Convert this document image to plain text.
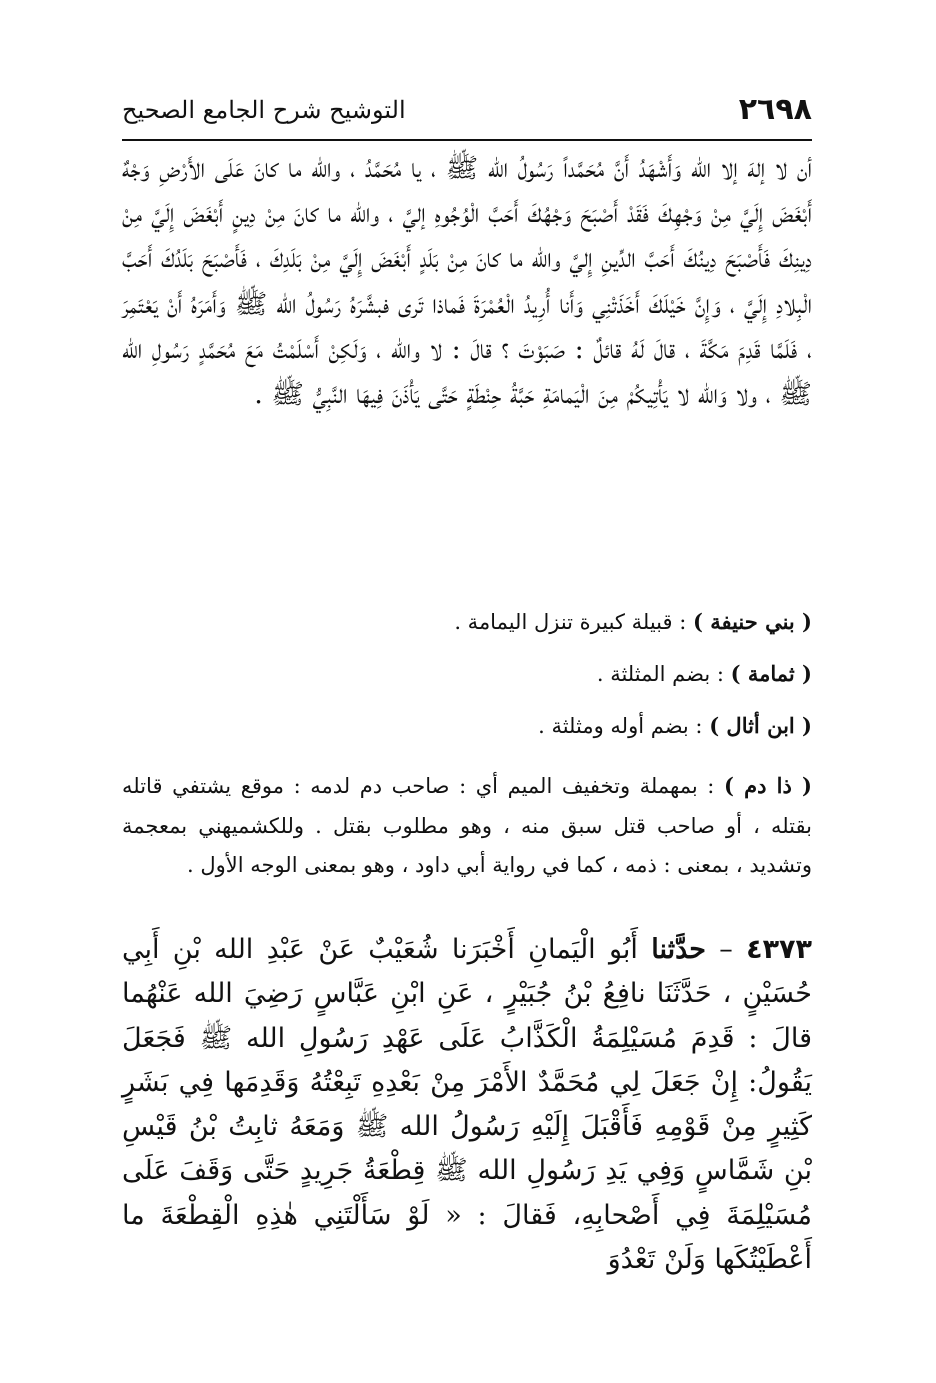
٢٦٩٨
التوشيح شرح الجامع الصحيح

أن لا إلهَ إلا الله وَأَشْهَدُ أَنَّ مُحَمَّداً رَسُولُ الله ﷺ ، يا مُحَمَّدُ ، والله ما كانَ عَلَى الأَرْضِ وَجْهٌ أَبْغَضَ إِلَيَّ مِنْ وَجْهِكَ فَقَدْ أَصْبَحَ وَجْهُكَ أَحَبَّ الْوُجُوهِ إليَّ ، والله ما كانَ مِنْ دِينٍ أَبْغَضَ إِلَيَّ مِنْ دِينِكَ فَأَصْبَحَ دِينُكَ أَحَبَّ الدِّينِ إِليَّ والله ما كانَ مِنْ بَلَدٍ أَبْغَضَ إِلَيَّ مِنْ بَلَدِكَ ، فَأَصْبَحَ بَلَدُكَ أَحَبَّ الْبِلادِ إِلَيَّ ، وَإِنَّ خَيْلَكَ أَخَذَتْنِي وَأَنا أُرِيدُ الْعُمْرَةَ فَماذا تَرى فبشَّرَهُ رَسُولُ الله ﷺ وَأَمَرَهُ أَنْ يَعْتَمِرَ ، فَلَمَّا قَدِمَ مَكَّةَ ، قالَ لَهُ قائلٌ : صَبَوْتَ ؟ قالَ : لا والله ، وَلَكِنْ أَسْلَمْتُ مَعَ مُحَمَّدٍ رَسُولِ الله ﷺ ، ولا وَالله لا يَأْتِيكُمْ مِنَ الْيَمامَةِ حَبَّةُ حِنْطَةٍ حَتَّى يَأْذَنَ فِيهَا النَّبِيُّ ﷺ .

( بني حنيفة ) : قبيلة كبيرة تنزل اليمامة .

( ثمامة ) : بضم المثلثة .

( ابن أثال ) : بضم أوله ومثلثة .

( ذا دم ) : بمهملة وتخفيف الميم أي : صاحب دم لدمه : موقع يشتفي قاتله بقتله ، أو صاحب قتل سبق منه ، وهو مطلوب بقتل . وللكشميهني بمعجمة وتشديد ، بمعنى : ذمه ، كما في رواية أبي داود ، وهو بمعنى الوجه الأول .

٤٣٧٣ – حدَّثنا أَبُو الْيَمانِ أَخْبَرَنا شُعَيْبٌ عَنْ عَبْدِ الله بْنِ أَبِي حُسَيْنٍ ، حَدَّثَنَا نافِعُ بْنُ جُبَيْرٍ ، عَنِ ابْنِ عَبَّاسٍ رَضِيَ الله عَنْهُما قالَ : قَدِمَ مُسَيْلِمَةُ الْكَذَّابُ عَلَى عَهْدِ رَسُولِ الله ﷺ فَجَعَلَ يَقُولُ: إِنْ جَعَلَ لِي مُحَمَّدٌ الأَمْرَ مِنْ بَعْدِهِ تَبِعْتُهُ وَقَدِمَها فِي بَشَرٍ كَثِيرٍ مِنْ قَوْمِهِ فَأَقْبَلَ إِلَيْهِ رَسُولُ الله ﷺ وَمَعَهُ ثابِتُ بْنُ قَيْسِ بْنِ شَمَّاسٍ وَفِي يَدِ رَسُولِ الله ﷺ قِطْعَةُ جَرِيدٍ حَتَّى وَقَفَ عَلَى مُسَيْلِمَةَ فِي أَصْحابِهِ، فَقالَ : « لَوْ سَأَلْتَنِي هٰذِهِ الْقِطْعَةَ ما أَعْطَيْتُكَها وَلَنْ تَعْدُوَ
